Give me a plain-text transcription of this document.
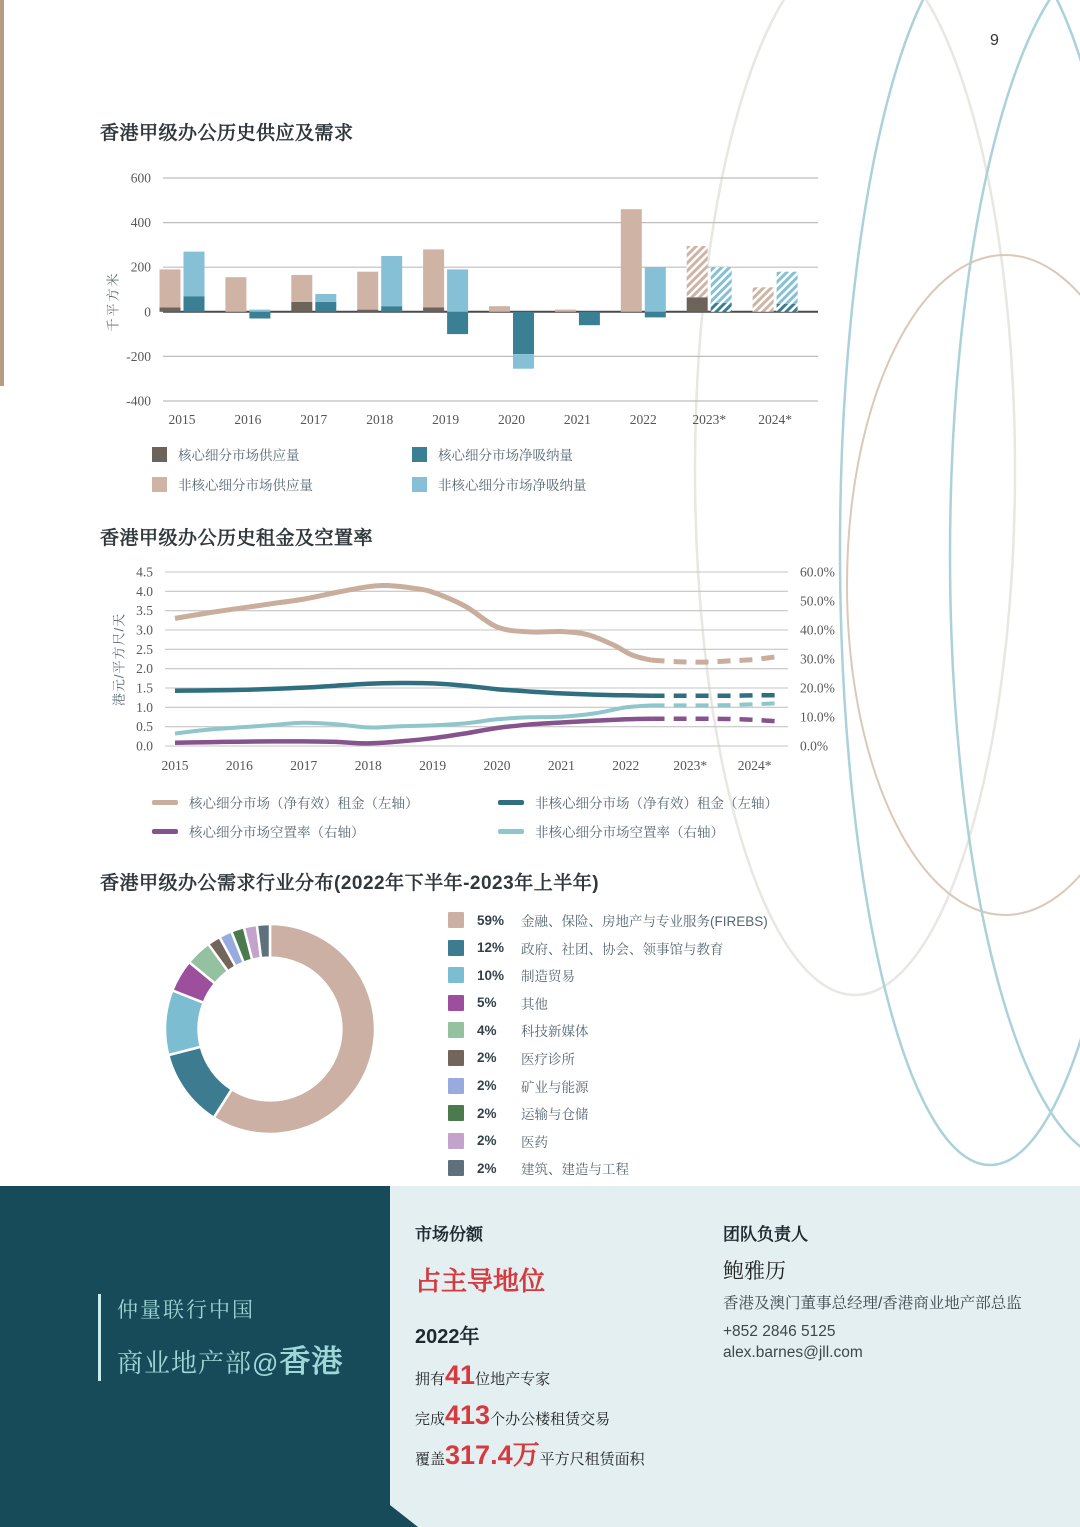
9
香港甲级办公历史供应及需求
千平方米
600
400
200
0
-200
-400
2015	2016	2017	2018	2019	2020	2021	2022	2023* 2024*
核心细分市场供应量	核心细分市场净吸纳量
非核心细分市场供应量	非核心细分市场净吸纳量
香港甲级办公历史租金及空置率
港元/平方尺/天
4.5
4.0
3.5
3.0
2.5
2.0
1.5
1.0
0.5
0.0
60.0%
50.0%
40.0%
30.0%
20.0%
10.0%
0.0%
2015	2016	2017	2018	2019	2020	2021	2022	2023* 2024*
核心细分市场（净有效）租金（左轴）	非核心细分市场（净有效）租金（左轴）
核心细分市场空置率（右轴）	非核心细分市场空置率（右轴）
香港甲级办公需求行业分布(2022年下半年-2023年上半年)
59%	金融、保险、房地产与专业服务(FIREBS)
12%	政府、社团、协会、领事馆与教育
10%	制造贸易
5%	其他
4%	科技新媒体
2%	医疗诊所
2%	矿业与能源
2%	运输与仓储
2%	医药
2%	建筑、建造与工程
仲量联行中国
商业地产部@香港
市场份额
占主导地位
2022年
拥有41位地产专家
完成413个办公楼租赁交易
覆盖317.4万平方尺租赁面积
团队负责人
鲍雅历
香港及澳门董事总经理/香港商业地产部总监
+852 2846 5125
alex.barnes@jll.com
